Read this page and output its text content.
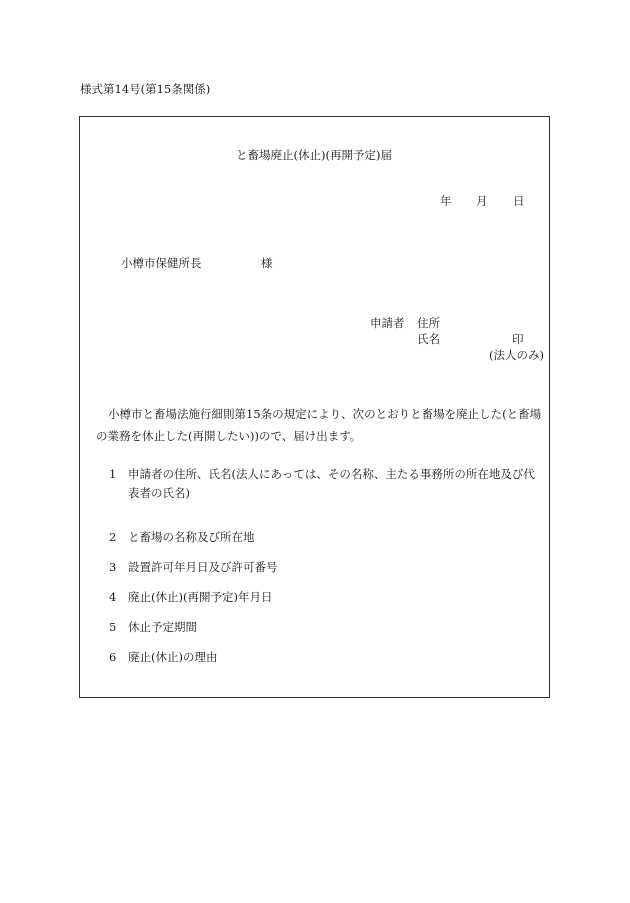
様式第14号(第15条関係)
と畜場廃止(休止)(再開予定)届
年 月 日
小樽市保健所長	様
申請者 住所
氏名	印
(法人のみ)
小樽市と畜場法施行細則第15条の規定により、次のとおりと畜場を廃止した(と畜場の業務を休止した(再開したい))ので、届け出ます。
1 申請者の住所、氏名(法人にあっては、その名称、主たる事務所の所在地及び代
表者の氏名)
2 と畜場の名称及び所在地
3 設置許可年月日及び許可番号
4 廃止(休止)(再開予定)年月日
5 休止予定期間
6 廃止(休止)の理由
